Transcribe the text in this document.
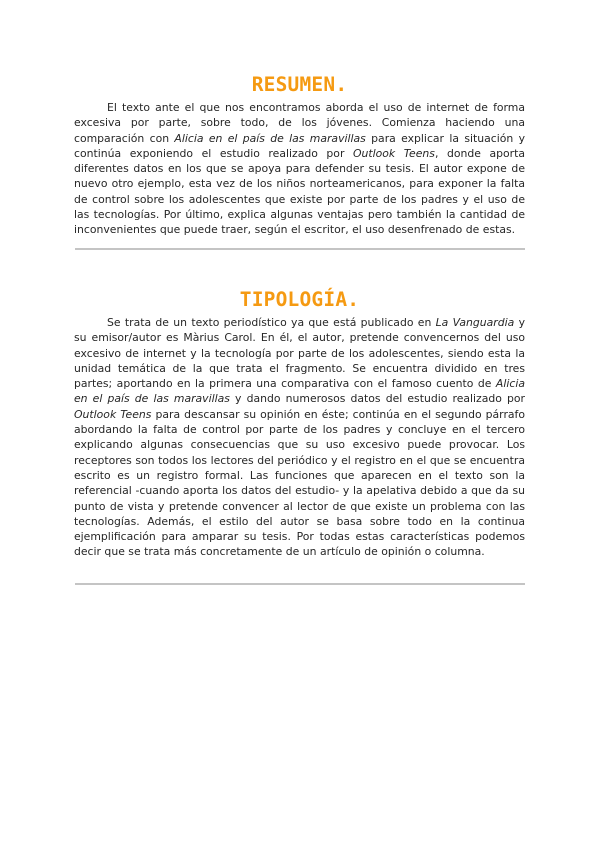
RESUMEN.

El texto ante el que nos encontramos aborda el uso de internet de forma excesiva por parte, sobre todo, de los jóvenes. Comienza haciendo una comparación con Alicia en el país de las maravillas para explicar la situación y continúa exponiendo el estudio realizado por Outlook Teens, donde aporta diferentes datos en los que se apoya para defender su tesis. El autor expone de nuevo otro ejemplo, esta vez de los niños norteamericanos, para exponer la falta de control sobre los adolescentes que existe por parte de los padres y el uso de las tecnologías. Por último, explica algunas ventajas pero también la cantidad de inconvenientes que puede traer, según el escritor, el uso desenfrenado de estas.

TIPOLOGÍA.

Se trata de un texto periodístico ya que está publicado en La Vanguardia y su emisor/autor es Màrius Carol. En él, el autor, pretende convencernos del uso excesivo de internet y la tecnología por parte de los adolescentes, siendo esta la unidad temática de la que trata el fragmento. Se encuentra dividido en tres partes; aportando en la primera una comparativa con el famoso cuento de Alicia en el país de las maravillas y dando numerosos datos del estudio realizado por Outlook Teens para descansar su opinión en éste; continúa en el segundo párrafo abordando la falta de control por parte de los padres y concluye en el tercero explicando algunas consecuencias que su uso excesivo puede provocar. Los receptores son todos los lectores del periódico y el registro en el que se encuentra escrito es un registro formal. Las funciones que aparecen en el texto son la referencial -cuando aporta los datos del estudio- y la apelativa debido a que da su punto de vista y pretende convencer al lector de que existe un problema con las tecnologías. Además, el estilo del autor se basa sobre todo en la continua ejemplificación para amparar su tesis. Por todas estas características podemos decir que se trata más concretamente de un artículo de opinión o columna.
